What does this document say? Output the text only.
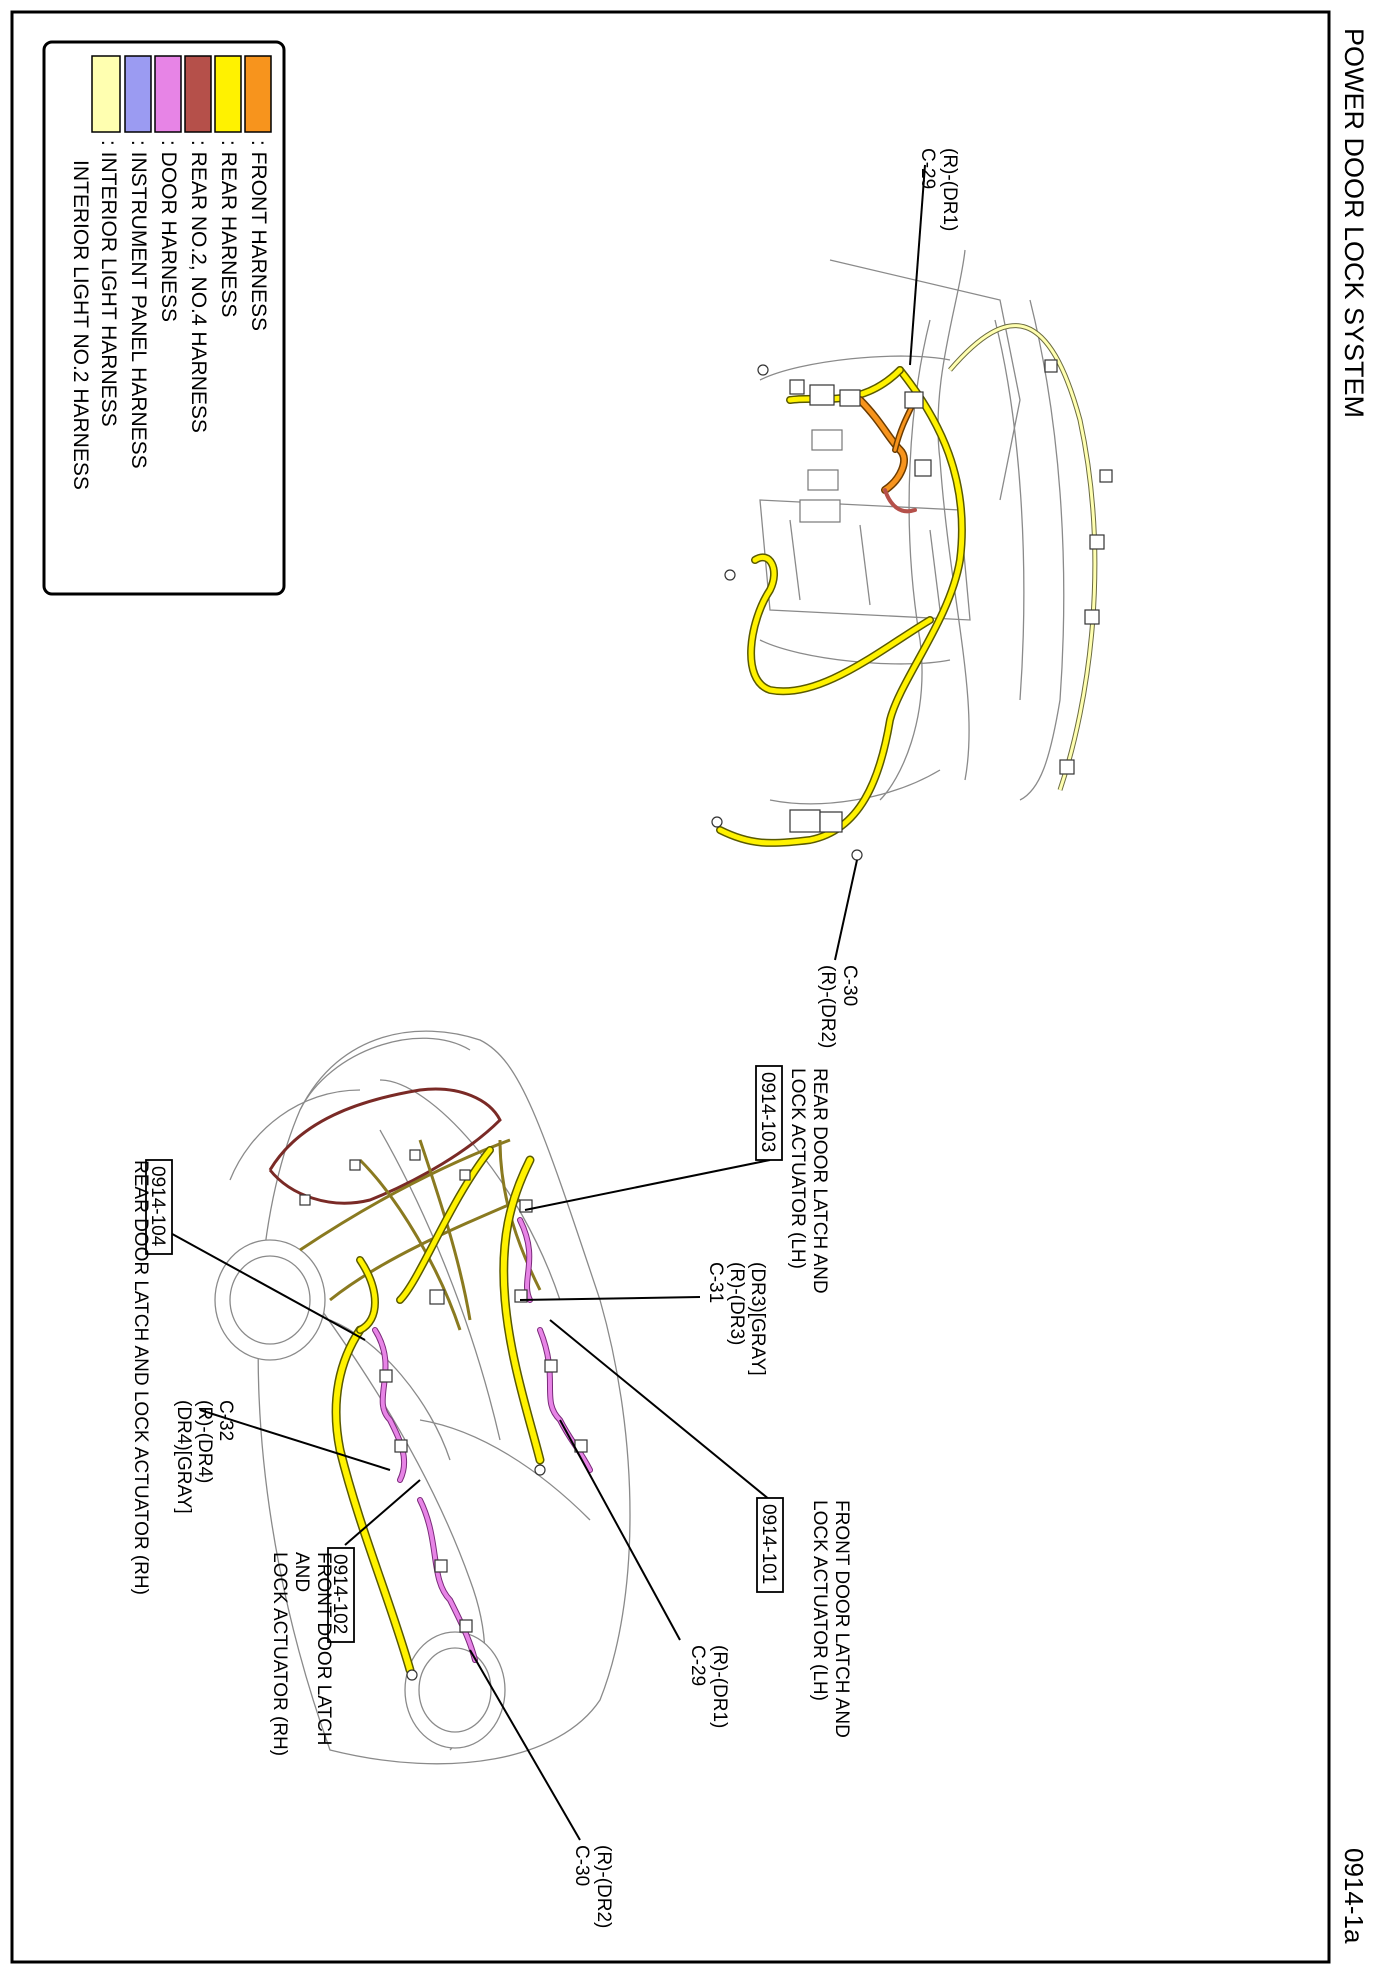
POWER DOOR LOCK SYSTEM
0914-1a
: FRONT HARNESS
: REAR HARNESS
: REAR NO.2, NO.4 HARNESS
: DOOR HARNESS
: INSTRUMENT PANEL HARNESS
: INTERIOR LIGHT HARNESS
INTERIOR LIGHT NO.2 HARNESS	(R)-(DR1)
C-29
C-30
(R)-(DR2)
REAR DOOR LATCH AND
LOCK ACTUATOR (LH)
0914-103
(DR3)[GRAY]
(R)-(DR3)
C-31
FRONT DOOR LATCH AND
LOCK ACTUATOR (LH)
0914-101
(R)-(DR1)
C-29
0914-104
REAR DOOR LATCH AND LOCK ACTUATOR (RH)	C-32
(R)-(DR4)
(DR4)[GRAY]
0914-102
FRONT DOOR LATCH
AND
LOCK ACTUATOR (RH)
(R)-(DR2)
C-30
